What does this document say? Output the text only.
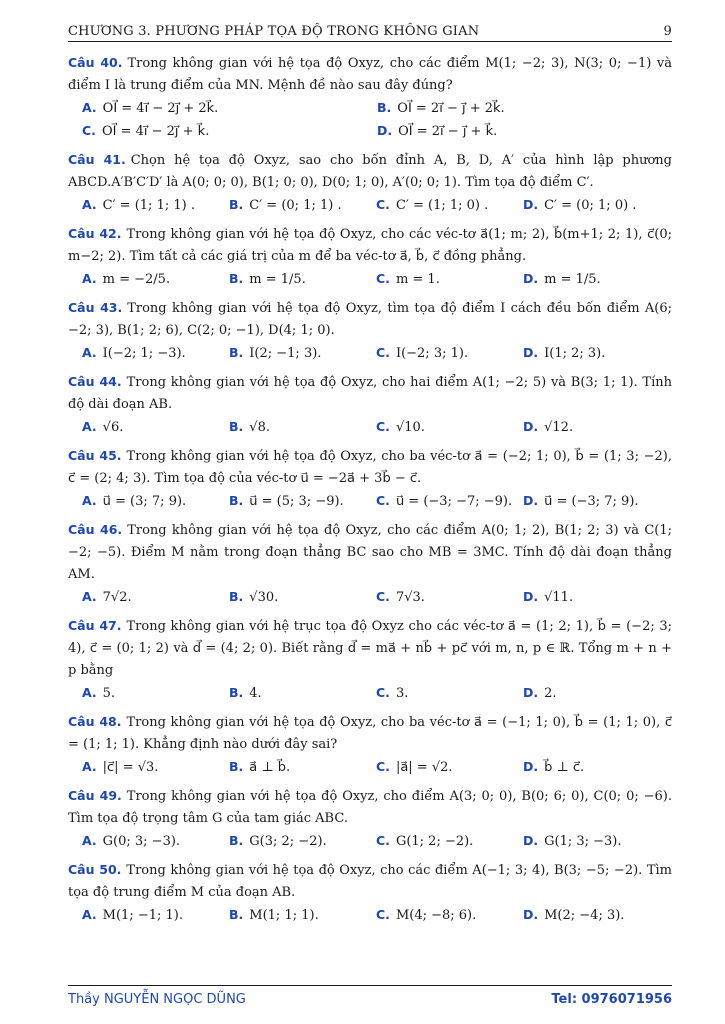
CHƯƠNG 3. PHƯƠNG PHÁP TỌA ĐỘ TRONG KHÔNG GIAN	9
Câu 40. Trong không gian với hệ tọa độ Oxyz, cho các điểm M(1; −2; 3), N(3; 0; −1) và điểm I là trung điểm của MN. Mệnh đề nào sau đây đúng?
A. OI⃗ = 4i⃗ − 2j⃗ + 2k⃗.	B. OI⃗ = 2i⃗ − j⃗ + 2k⃗.
C. OI⃗ = 4i⃗ − 2j⃗ + k⃗.	D. OI⃗ = 2i⃗ − j⃗ + k⃗.
Câu 41. Chọn hệ tọa độ Oxyz, sao cho bốn đỉnh A, B, D, A′ của hình lập phương ABCD.A′B′C′D′ là A(0; 0; 0), B(1; 0; 0), D(0; 1; 0), A′(0; 0; 1). Tìm tọa độ điểm C′.
A. C′ = (1; 1; 1) .	B. C′ = (0; 1; 1) .	C. C′ = (1; 1; 0) .	D. C′ = (0; 1; 0) .
Câu 42. Trong không gian với hệ tọa độ Oxyz, cho các véc-tơ a⃗(1; m; 2), b⃗(m+1; 2; 1), c⃗(0; m−2; 2). Tìm tất cả các giá trị của m để ba véc-tơ a⃗, b⃗, c⃗ đồng phẳng.
A. m = −2/5.	B. m = 1/5.	C. m = 1.	D. m = 1/5.
Câu 43. Trong không gian với hệ tọa độ Oxyz, tìm tọa độ điểm I cách đều bốn điểm A(6; −2; 3), B(1; 2; 6), C(2; 0; −1), D(4; 1; 0).
A. I(−2; 1; −3).	B. I(2; −1; 3).	C. I(−2; 3; 1).	D. I(1; 2; 3).
Câu 44. Trong không gian với hệ tọa độ Oxyz, cho hai điểm A(1; −2; 5) và B(3; 1; 1). Tính độ dài đoạn AB.
A. √6.	B. √8.	C. √10.	D. √12.
Câu 45. Trong không gian với hệ tọa độ Oxyz, cho ba véc-tơ a⃗ = (−2; 1; 0), b⃗ = (1; 3; −2), c⃗ = (2; 4; 3). Tìm tọa độ của véc-tơ u⃗ = −2a⃗ + 3b⃗ − c⃗.
A. u⃗ = (3; 7; 9).	B. u⃗ = (5; 3; −9).	C. u⃗ = (−3; −7; −9). D. u⃗ = (−3; 7; 9).
Câu 46. Trong không gian với hệ tọa độ Oxyz, cho các điểm A(0; 1; 2), B(1; 2; 3) và C(1; −2; −5). Điểm M nằm trong đoạn thẳng BC sao cho MB = 3MC. Tính độ dài đoạn thẳng AM.
A. 7√2.	B. √30.	C. 7√3.	D. √11.
Câu 47. Trong không gian với hệ trục tọa độ Oxyz cho các véc-tơ a⃗ = (1; 2; 1), b⃗ = (−2; 3; 4), c⃗ = (0; 1; 2) và d⃗ = (4; 2; 0). Biết rằng d⃗ = ma⃗ + nb⃗ + pc⃗ với m, n, p ∈ ℝ. Tổng m + n + p bằng
A. 5.	B. 4.	C. 3.	D. 2.
Câu 48. Trong không gian với hệ tọa độ Oxyz, cho ba véc-tơ a⃗ = (−1; 1; 0), b⃗ = (1; 1; 0), c⃗ = (1; 1; 1). Khẳng định nào dưới đây sai?
A. |c⃗| = √3.	B. a⃗ ⊥ b⃗.	C. |a⃗| = √2.	D. b⃗ ⊥ c⃗.
Câu 49. Trong không gian với hệ tọa độ Oxyz, cho điểm A(3; 0; 0), B(0; 6; 0), C(0; 0; −6). Tìm tọa độ trọng tâm G của tam giác ABC.
A. G(0; 3; −3).	B. G(3; 2; −2).	C. G(1; 2; −2).	D. G(1; 3; −3).
Câu 50. Trong không gian với hệ tọa độ Oxyz, cho các điểm A(−1; 3; 4), B(3; −5; −2). Tìm tọa độ trung điểm M của đoạn AB.
A. M(1; −1; 1).	B. M(1; 1; 1).	C. M(4; −8; 6).	D. M(2; −4; 3).
Thầy NGUYỄN NGỌC DŨNG	Tel: 0976071956
